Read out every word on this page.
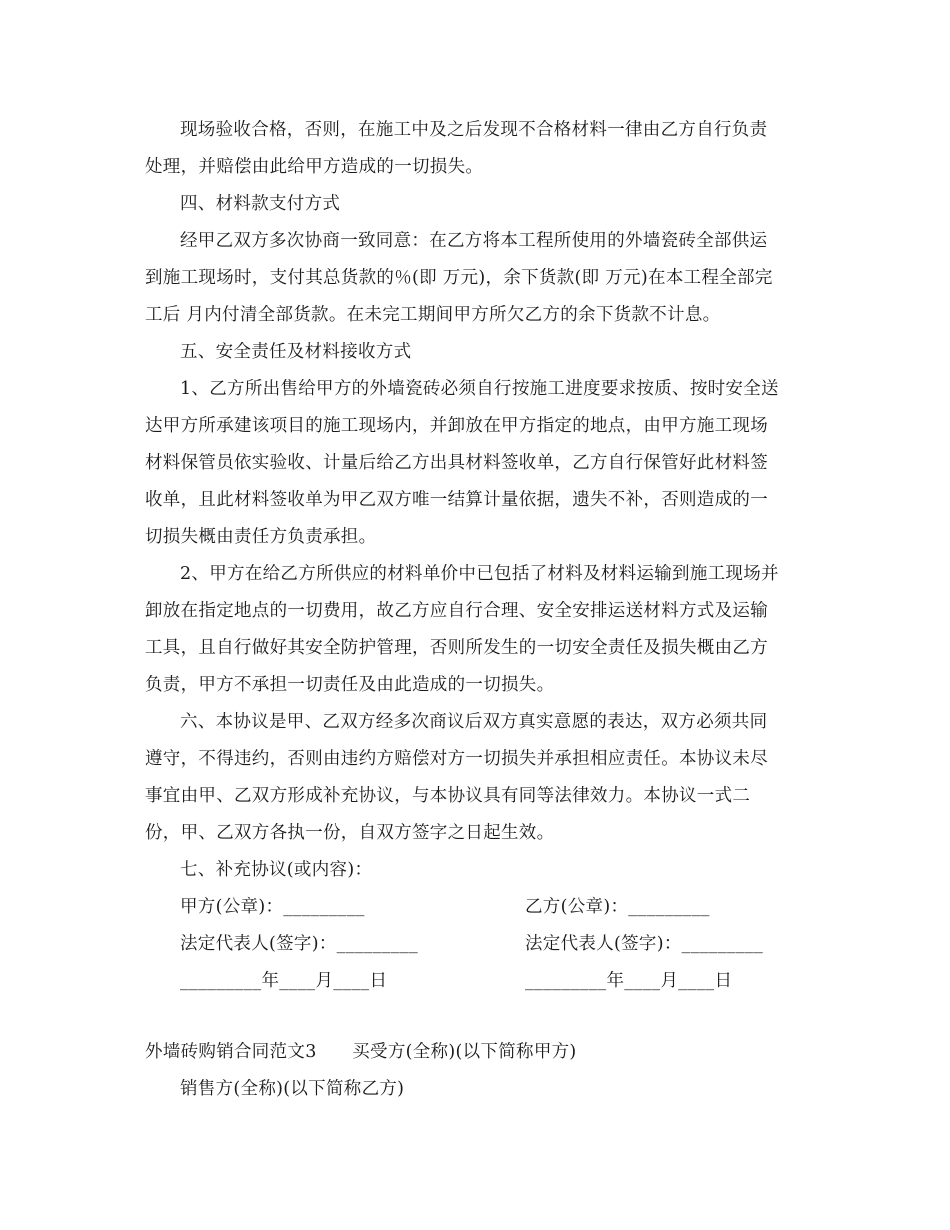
现场验收合格，否则，在施工中及之后发现不合格材料一律由乙方自行负责
处理，并赔偿由此给甲方造成的一切损失。
四、材料款支付方式
经甲乙双方多次协商一致同意：在乙方将本工程所使用的外墙瓷砖全部供运
到施工现场时，支付其总货款的％(即 万元)，余下货款(即 万元)在本工程全部完
工后 月内付清全部货款。在未完工期间甲方所欠乙方的余下货款不计息。
五、安全责任及材料接收方式
1、乙方所出售给甲方的外墙瓷砖必须自行按施工进度要求按质、按时安全送
达甲方所承建该项目的施工现场内，并卸放在甲方指定的地点，由甲方施工现场
材料保管员依实验收、计量后给乙方出具材料签收单，乙方自行保管好此材料签
收单，且此材料签收单为甲乙双方唯一结算计量依据，遗失不补，否则造成的一
切损失概由责任方负责承担。
2、甲方在给乙方所供应的材料单价中已包括了材料及材料运输到施工现场并
卸放在指定地点的一切费用，故乙方应自行合理、安全安排运送材料方式及运输
工具，且自行做好其安全防护管理，否则所发生的一切安全责任及损失概由乙方
负责，甲方不承担一切责任及由此造成的一切损失。
六、本协议是甲、乙双方经多次商议后双方真实意愿的表达，双方必须共同
遵守，不得违约，否则由违约方赔偿对方一切损失并承担相应责任。本协议未尽
事宜由甲、乙双方形成补充协议，与本协议具有同等法律效力。本协议一式二
份，甲、乙双方各执一份，自双方签字之日起生效。
七、补充协议(或内容)：
甲方(公章)：_________	乙方(公章)：_________
法定代表人(签字)：_________	法定代表人(签字)：_________
_________年____月____日	_________年____月____日
外墙砖购销合同范文3　　买受方(全称)(以下简称甲方)
销售方(全称)(以下简称乙方)
